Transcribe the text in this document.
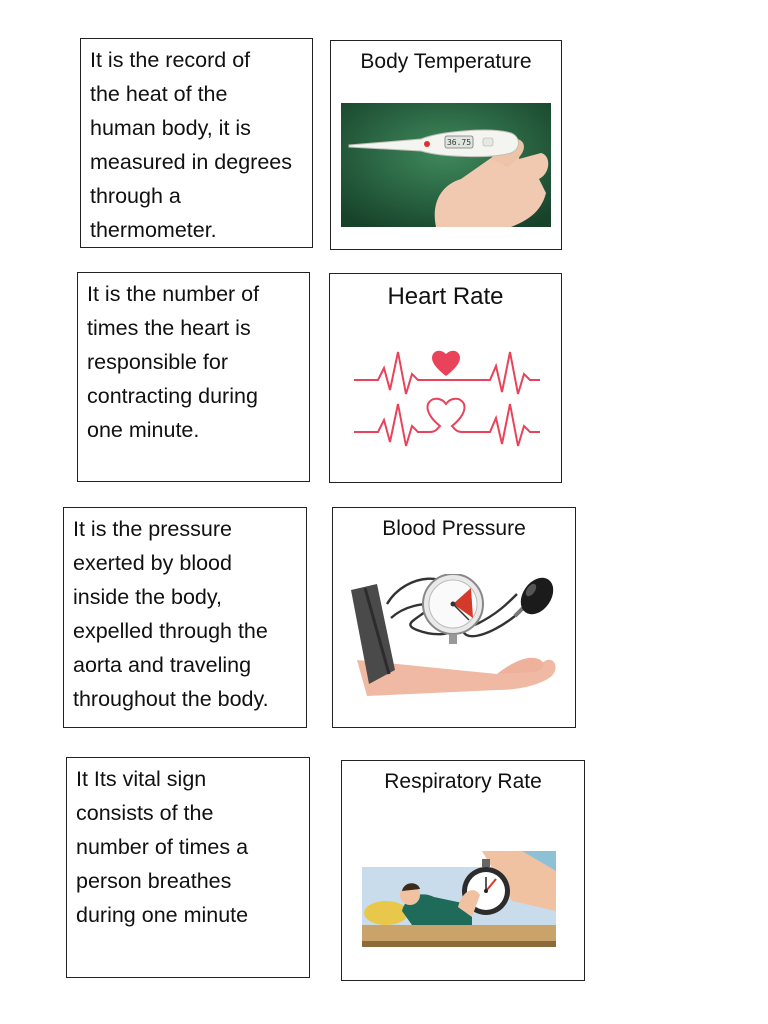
It is the record of
the heat of the
human body, it is
measured in degrees
through a
thermometer.
Body Temperature
36.75
It is the number of
times the heart is
responsible for
contracting during
one minute.
Heart Rate
It is the pressure
exerted by blood
inside the body,
expelled through the
aorta and traveling
throughout the body.
Blood Pressure
It Its vital sign
consists of the
number of times a
person breathes
during one minute
Respiratory Rate
